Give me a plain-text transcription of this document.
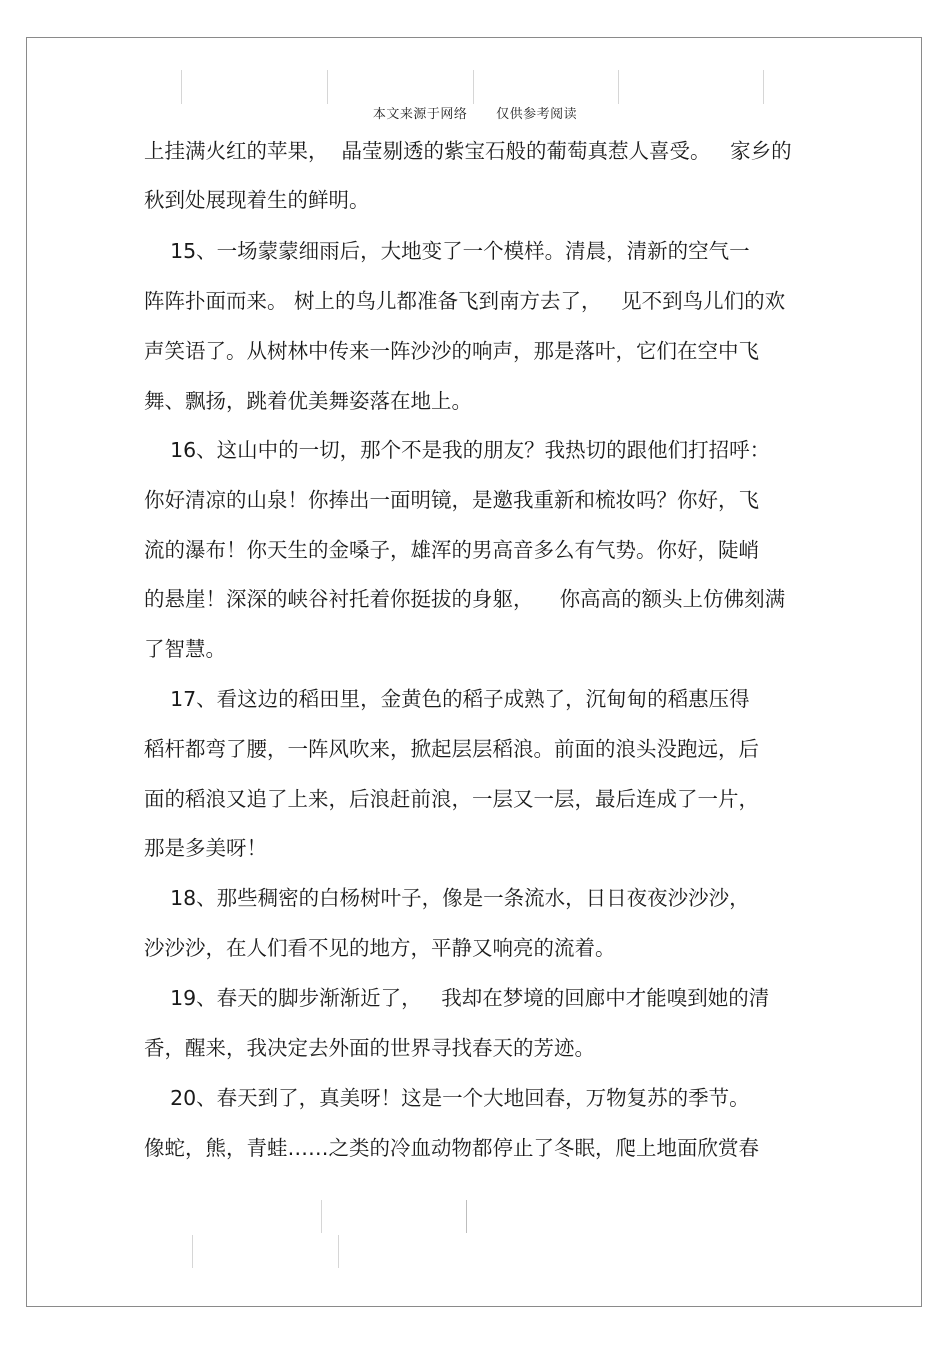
本文来源于网络 仅供参考阅读

上挂满火红的苹果，  晶莹剔透的紫宝石般的葡萄真惹人喜受。   家乡的

秋到处展现着生的鲜明。

15、一场蒙蒙细雨后，大地变了一个模样。清晨，清新的空气一

阵阵扑面而来。 树上的鸟儿都准备飞到南方去了，   见不到鸟儿们的欢

声笑语了。从树林中传来一阵沙沙的响声，那是落叶，它们在空中飞

舞、飘扬，跳着优美舞姿落在地上。

16、这山中的一切，那个不是我的朋友？我热切的跟他们打招呼：

你好清凉的山泉！你捧出一面明镜，是邀我重新和梳妆吗？你好，飞

流的瀑布！你天生的金嗓子，雄浑的男高音多么有气势。你好，陡峭

的悬崖！深深的峡谷衬托着你挺拔的身躯，    你高高的额头上仿佛刻满

了智慧。

17、看这边的稻田里，金黄色的稻子成熟了，沉甸甸的稻惠压得

稻杆都弯了腰，一阵风吹来，掀起层层稻浪。前面的浪头没跑远，后

面的稻浪又追了上来，后浪赶前浪，一层又一层，最后连成了一片，

那是多美呀！

18、那些稠密的白杨树叶子，像是一条流水，日日夜夜沙沙沙，

沙沙沙，在人们看不见的地方，平静又响亮的流着。

19、春天的脚步渐渐近了，   我却在梦境的回廊中才能嗅到她的清

香，醒来，我决定去外面的世界寻找春天的芳迹。

20、春天到了，真美呀！这是一个大地回春，万物复苏的季节。

像蛇，熊，青蛙……之类的冷血动物都停止了冬眠，爬上地面欣赏春
